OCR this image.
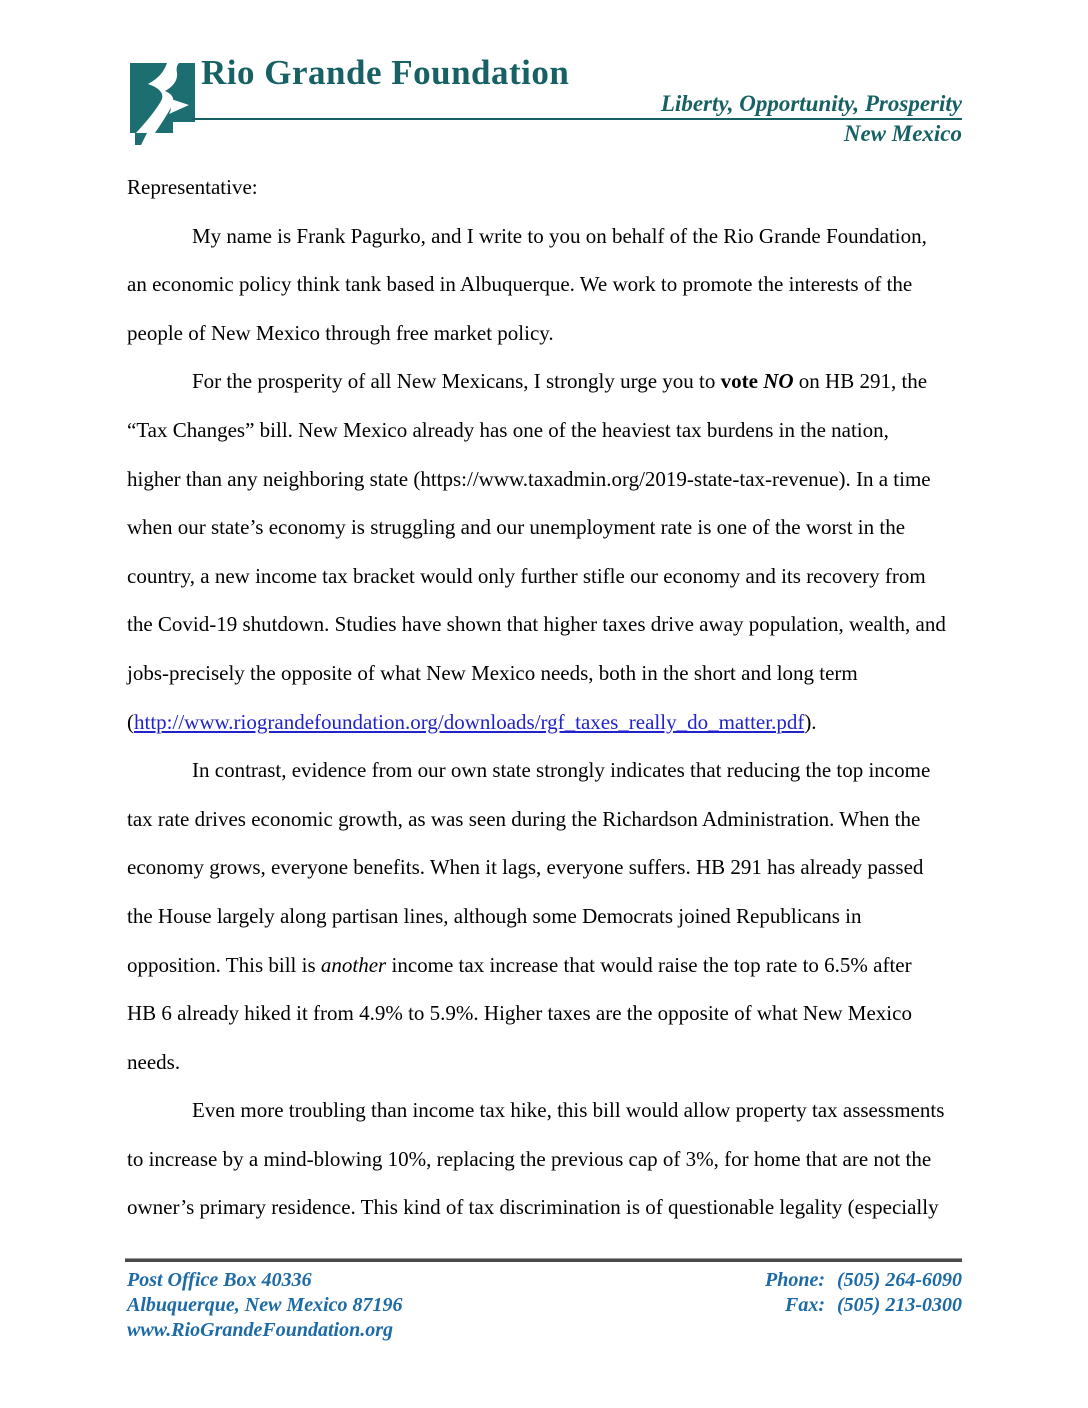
Rio Grande Foundation
Liberty, Opportunity, Prosperity
New Mexico
Representative:
My name is Frank Pagurko, and I write to you on behalf of the Rio Grande Foundation,
an economic policy think tank based in Albuquerque. We work to promote the interests of the
people of New Mexico through free market policy.
For the prosperity of all New Mexicans, I strongly urge you to vote NO on HB 291, the
“Tax Changes” bill. New Mexico already has one of the heaviest tax burdens in the nation,
higher than any neighboring state (https://www.taxadmin.org/2019-state-tax-revenue). In a time
when our state’s economy is struggling and our unemployment rate is one of the worst in the
country, a new income tax bracket would only further stifle our economy and its recovery from
the Covid-19 shutdown. Studies have shown that higher taxes drive away population, wealth, and
jobs-precisely the opposite of what New Mexico needs, both in the short and long term
(http://www.riograndefoundation.org/downloads/rgf_taxes_really_do_matter.pdf).
In contrast, evidence from our own state strongly indicates that reducing the top income
tax rate drives economic growth, as was seen during the Richardson Administration. When the
economy grows, everyone benefits. When it lags, everyone suffers. HB 291 has already passed
the House largely along partisan lines, although some Democrats joined Republicans in
opposition. This bill is another income tax increase that would raise the top rate to 6.5% after
HB 6 already hiked it from 4.9% to 5.9%. Higher taxes are the opposite of what New Mexico
needs.
Even more troubling than income tax hike, this bill would allow property tax assessments
to increase by a mind-blowing 10%, replacing the previous cap of 3%, for home that are not the
owner’s primary residence. This kind of tax discrimination is of questionable legality (especially
Post Office Box 40336
Albuquerque, New Mexico 87196
www.RioGrandeFoundation.org
Phone: (505) 264-6090
Fax: (505) 213-0300
